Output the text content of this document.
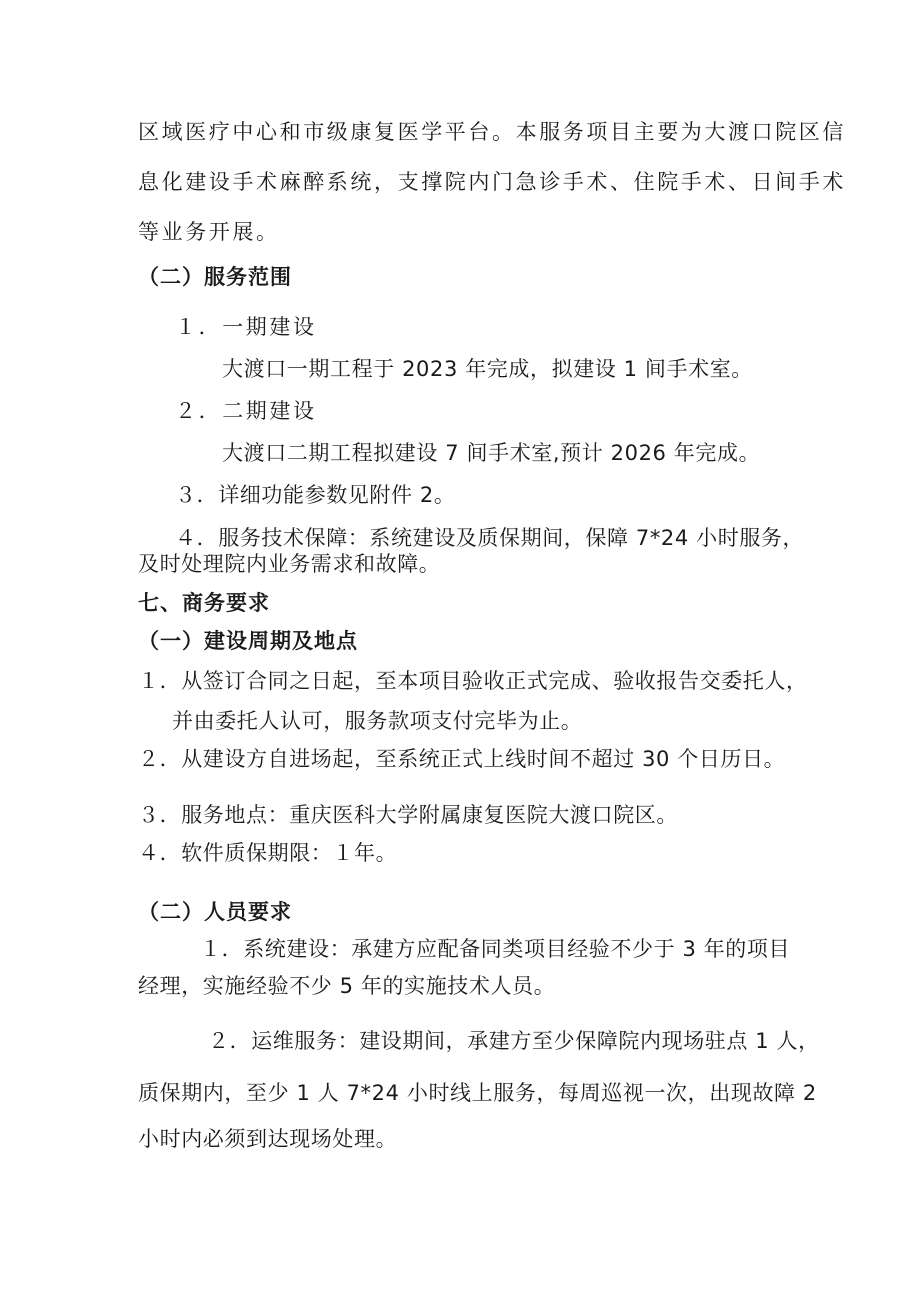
区域医疗中心和市级康复医学平台。本服务项目主要为大渡口院区信
息化建设手术麻醉系统，支撑院内门急诊手术、住院手术、日间手术
等业务开展。
（二）服务范围
１．一期建设
大渡口一期工程于 2023 年完成，拟建设 1 间手术室。
２．二期建设
大渡口二期工程拟建设 7 间手术室,预计 2026 年完成。
３．详细功能参数见附件 2。
４．服务技术保障：系统建设及质保期间，保障 7*24 小时服务，
及时处理院内业务需求和故障。
七、商务要求
（一）建设周期及地点
１．从签订合同之日起，至本项目验收正式完成、验收报告交委托人，
并由委托人认可，服务款项支付完毕为止。
２．从建设方自进场起，至系统正式上线时间不超过 30 个日历日。
３．服务地点：重庆医科大学附属康复医院大渡口院区。
４．软件质保期限：１年。
（二）人员要求
１．系统建设：承建方应配备同类项目经验不少于 3 年的项目
经理，实施经验不少 5 年的实施技术人员。
２．运维服务：建设期间，承建方至少保障院内现场驻点 1 人，
质保期内，至少 1 人 7*24 小时线上服务，每周巡视一次，出现故障 2
小时内必须到达现场处理。
